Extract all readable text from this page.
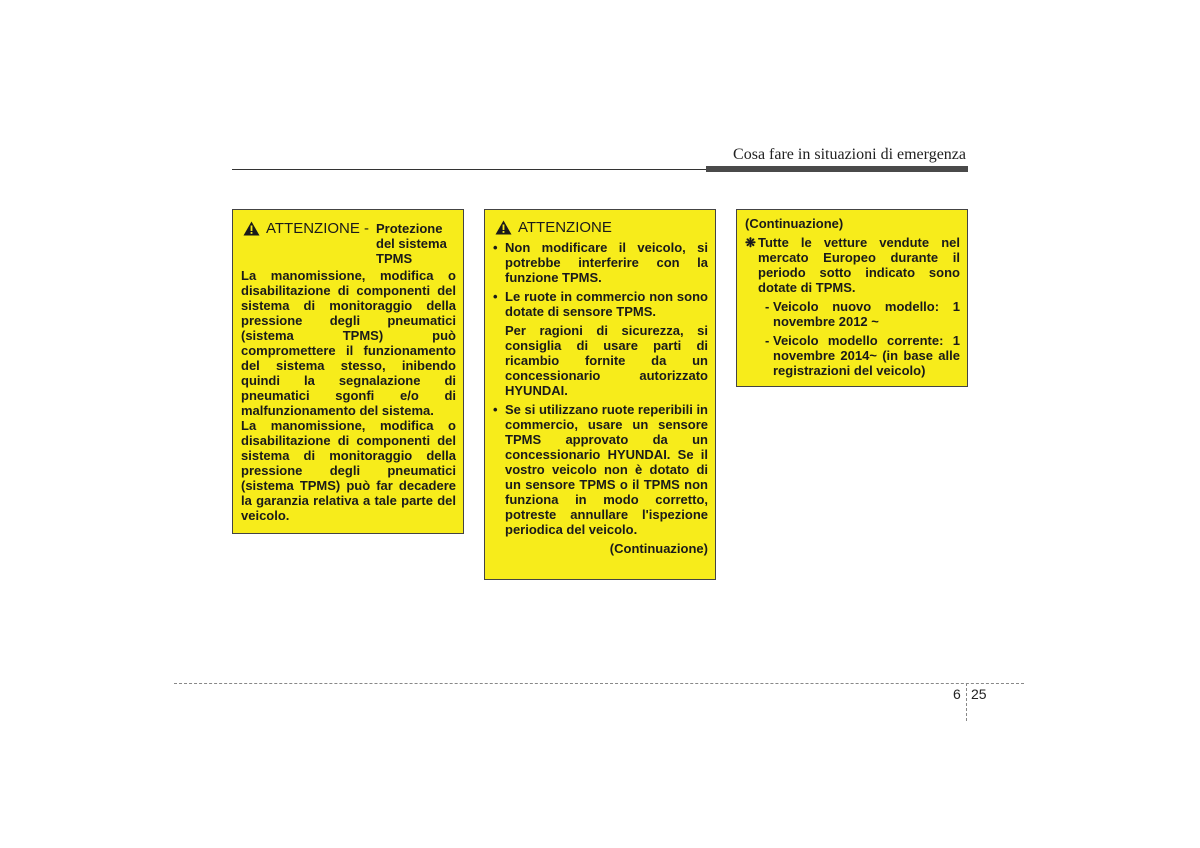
Cosa fare in situazioni di emergenza
ATTENZIONE - Protezione
del sistema
TPMS

La manomissione, modifica o disabilitazione di componenti del sistema di monitoraggio della pressione degli pneumatici (sistema TPMS) può compromettere il funzionamento del sistema stesso, inibendo quindi la segnalazione di pneumatici sgonfi e/o di malfunzionamento del sistema.

La manomissione, modifica o disabilitazione di componenti del sistema di monitoraggio della pressione degli pneumatici (sistema TPMS) può far decadere la garanzia relativa a tale parte del veicolo.

ATTENZIONE

• Non modificare il veicolo, si potrebbe interferire con la funzione TPMS.

• Le ruote in commercio non sono dotate di sensore TPMS.

Per ragioni di sicurezza, si consiglia di usare parti di ricambio fornite da un concessionario autorizzato HYUNDAI.

• Se si utilizzano ruote reperibili in commercio, usare un sensore TPMS approvato da un concessionario HYUNDAI. Se il vostro veicolo non è dotato di un sensore TPMS o il TPMS non funziona in modo corretto, potreste annullare l'ispezione periodica del veicolo.

(Continuazione)
(Continuazione)
❋ Tutte le vetture vendute nel mercato Europeo durante il periodo sotto indicato sono dotate di TPMS.
- Veicolo nuovo modello: 1 novembre 2012 ~
- Veicolo modello corrente: 1 novembre 2014~ (in base alle registrazioni del veicolo)
6 25
